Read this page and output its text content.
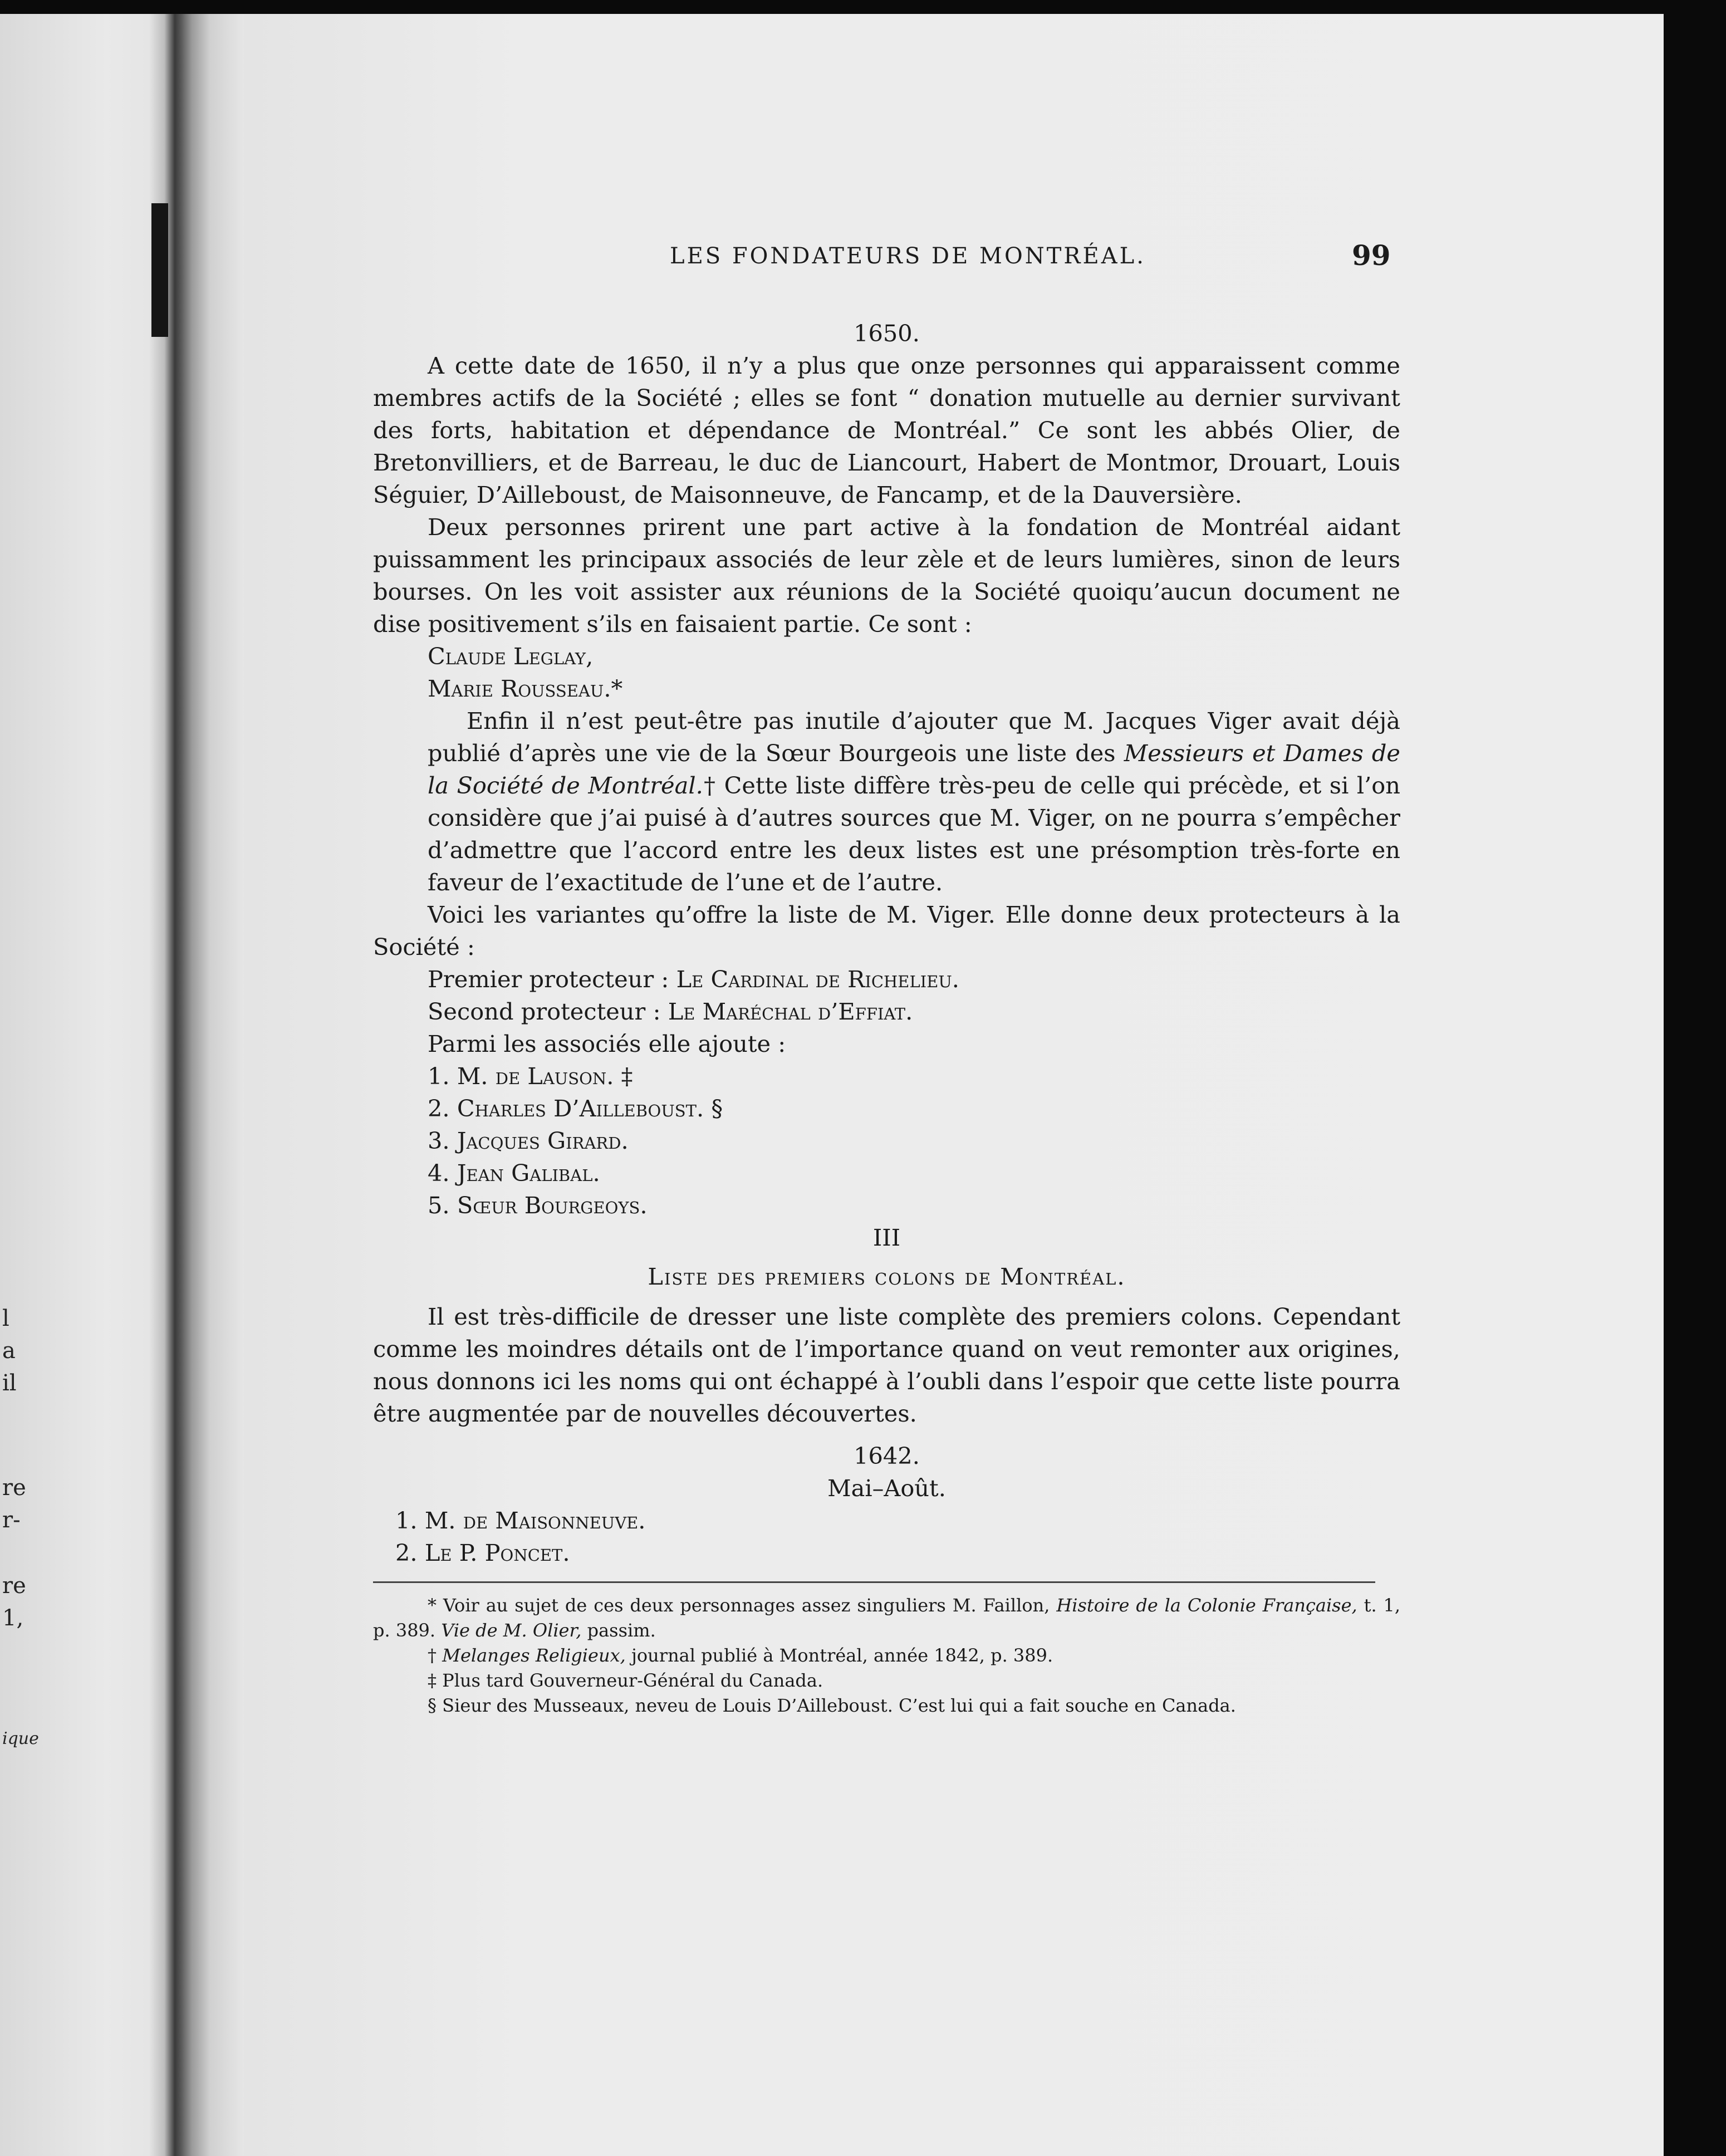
l
a
il
re
r-
re
1,
ique
LES FONDATEURS DE MONTRÉAL.	99
1650.

A cette date de 1650, il n’y a plus que onze personnes qui apparaissent comme membres actifs de la Société ; elles se font “ donation mutuelle au dernier survivant des forts, habitation et dépendance de Montréal.” Ce sont les abbés Olier, de Bretonvilliers, et de Barreau, le duc de Liancourt, Habert de Montmor, Drouart, Louis Séguier, D’Ailleboust, de Maisonneuve, de Fancamp, et de la Dauversière.

Deux personnes prirent une part active à la fondation de Montréal aidant puissamment les principaux associés de leur zèle et de leurs lumières, sinon de leurs bourses. On les voit assister aux réunions de la Société quoiqu’aucun document ne dise positivement s’ils en faisaient partie. Ce sont :

Claude Leglay,

Marie Rousseau.*

Enfin il n’est peut-être pas inutile d’ajouter que M. Jacques Viger avait déjà publié d’après une vie de la Sœur Bourgeois une liste des Messieurs et Dames de la Société de Montréal.† Cette liste diffère très-peu de celle qui précède, et si l’on considère que j’ai puisé à d’autres sources que M. Viger, on ne pourra s’empêcher d’admettre que l’accord entre les deux listes est une présomption très-forte en faveur de l’exactitude de l’une et de l’autre.

Voici les variantes qu’offre la liste de M. Viger. Elle donne deux protecteurs à la Société :

Premier protecteur : Le Cardinal de Richelieu.

Second protecteur : Le Maréchal d’Effiat.

Parmi les associés elle ajoute :

1. M. de Lauson. ‡

2. Charles D’Ailleboust. §

3. Jacques Girard.

4. Jean Galibal.

5. Sœur Bourgeoys.

III
Liste des premiers colons de Montréal.

Il est très-difficile de dresser une liste complète des premiers colons. Cependant comme les moindres détails ont de l’importance quand on veut remonter aux origines, nous donnons ici les noms qui ont échappé à l’oubli dans l’espoir que cette liste pourra être augmentée par de nouvelles découvertes.

1642.
Mai–Août.

1. M. de Maisonneuve.

2. Le P. Poncet.

* Voir au sujet de ces deux personnages assez singuliers M. Faillon, Histoire de la Colonie Française, t. 1, p. 389. Vie de M. Olier, passim.

† Melanges Religieux, journal publié à Montréal, année 1842, p. 389.

‡ Plus tard Gouverneur-Général du Canada.

§ Sieur des Musseaux, neveu de Louis D’Ailleboust. C’est lui qui a fait souche en Canada.
